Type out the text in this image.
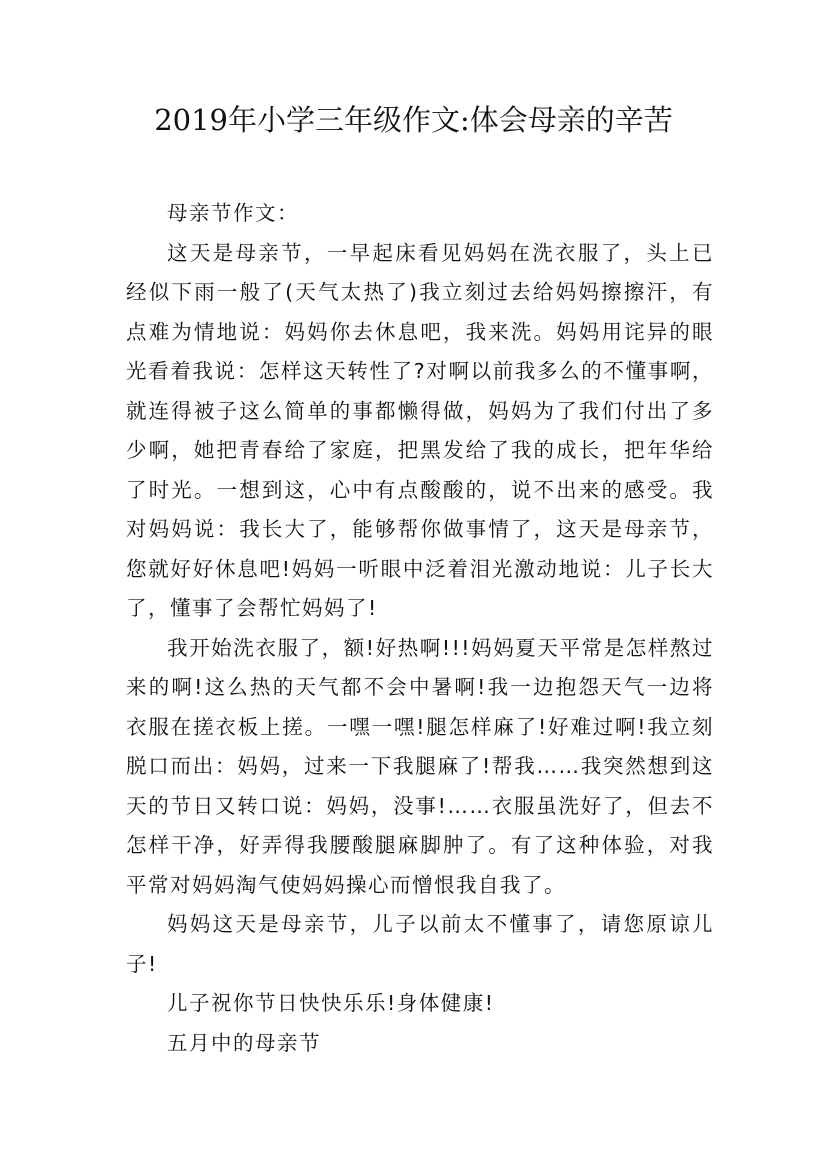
2019年小学三年级作文:体会母亲的辛苦

母亲节作文：

这天是母亲节，一早起床看见妈妈在洗衣服了，头上已经似下雨一般了(天气太热了)我立刻过去给妈妈擦擦汗，有点难为情地说：妈妈你去休息吧，我来洗。妈妈用诧异的眼光看着我说：怎样这天转性了?对啊以前我多么的不懂事啊，就连得被子这么简单的事都懒得做，妈妈为了我们付出了多少啊，她把青春给了家庭，把黑发给了我的成长，把年华给了时光。一想到这，心中有点酸酸的，说不出来的感受。我对妈妈说：我长大了，能够帮你做事情了，这天是母亲节，您就好好休息吧!妈妈一听眼中泛着泪光激动地说：儿子长大了，懂事了会帮忙妈妈了!

我开始洗衣服了，额!好热啊!!!妈妈夏天平常是怎样熬过来的啊!这么热的天气都不会中暑啊!我一边抱怨天气一边将衣服在搓衣板上搓。一嘿一嘿!腿怎样麻了!好难过啊!我立刻脱口而出：妈妈，过来一下我腿麻了!帮我……我突然想到这天的节日又转口说：妈妈，没事!……衣服虽洗好了，但去不怎样干净，好弄得我腰酸腿麻脚肿了。有了这种体验，对我平常对妈妈淘气使妈妈操心而憎恨我自我了。

妈妈这天是母亲节，儿子以前太不懂事了，请您原谅儿子!

儿子祝你节日快快乐乐!身体健康!

五月中的母亲节
